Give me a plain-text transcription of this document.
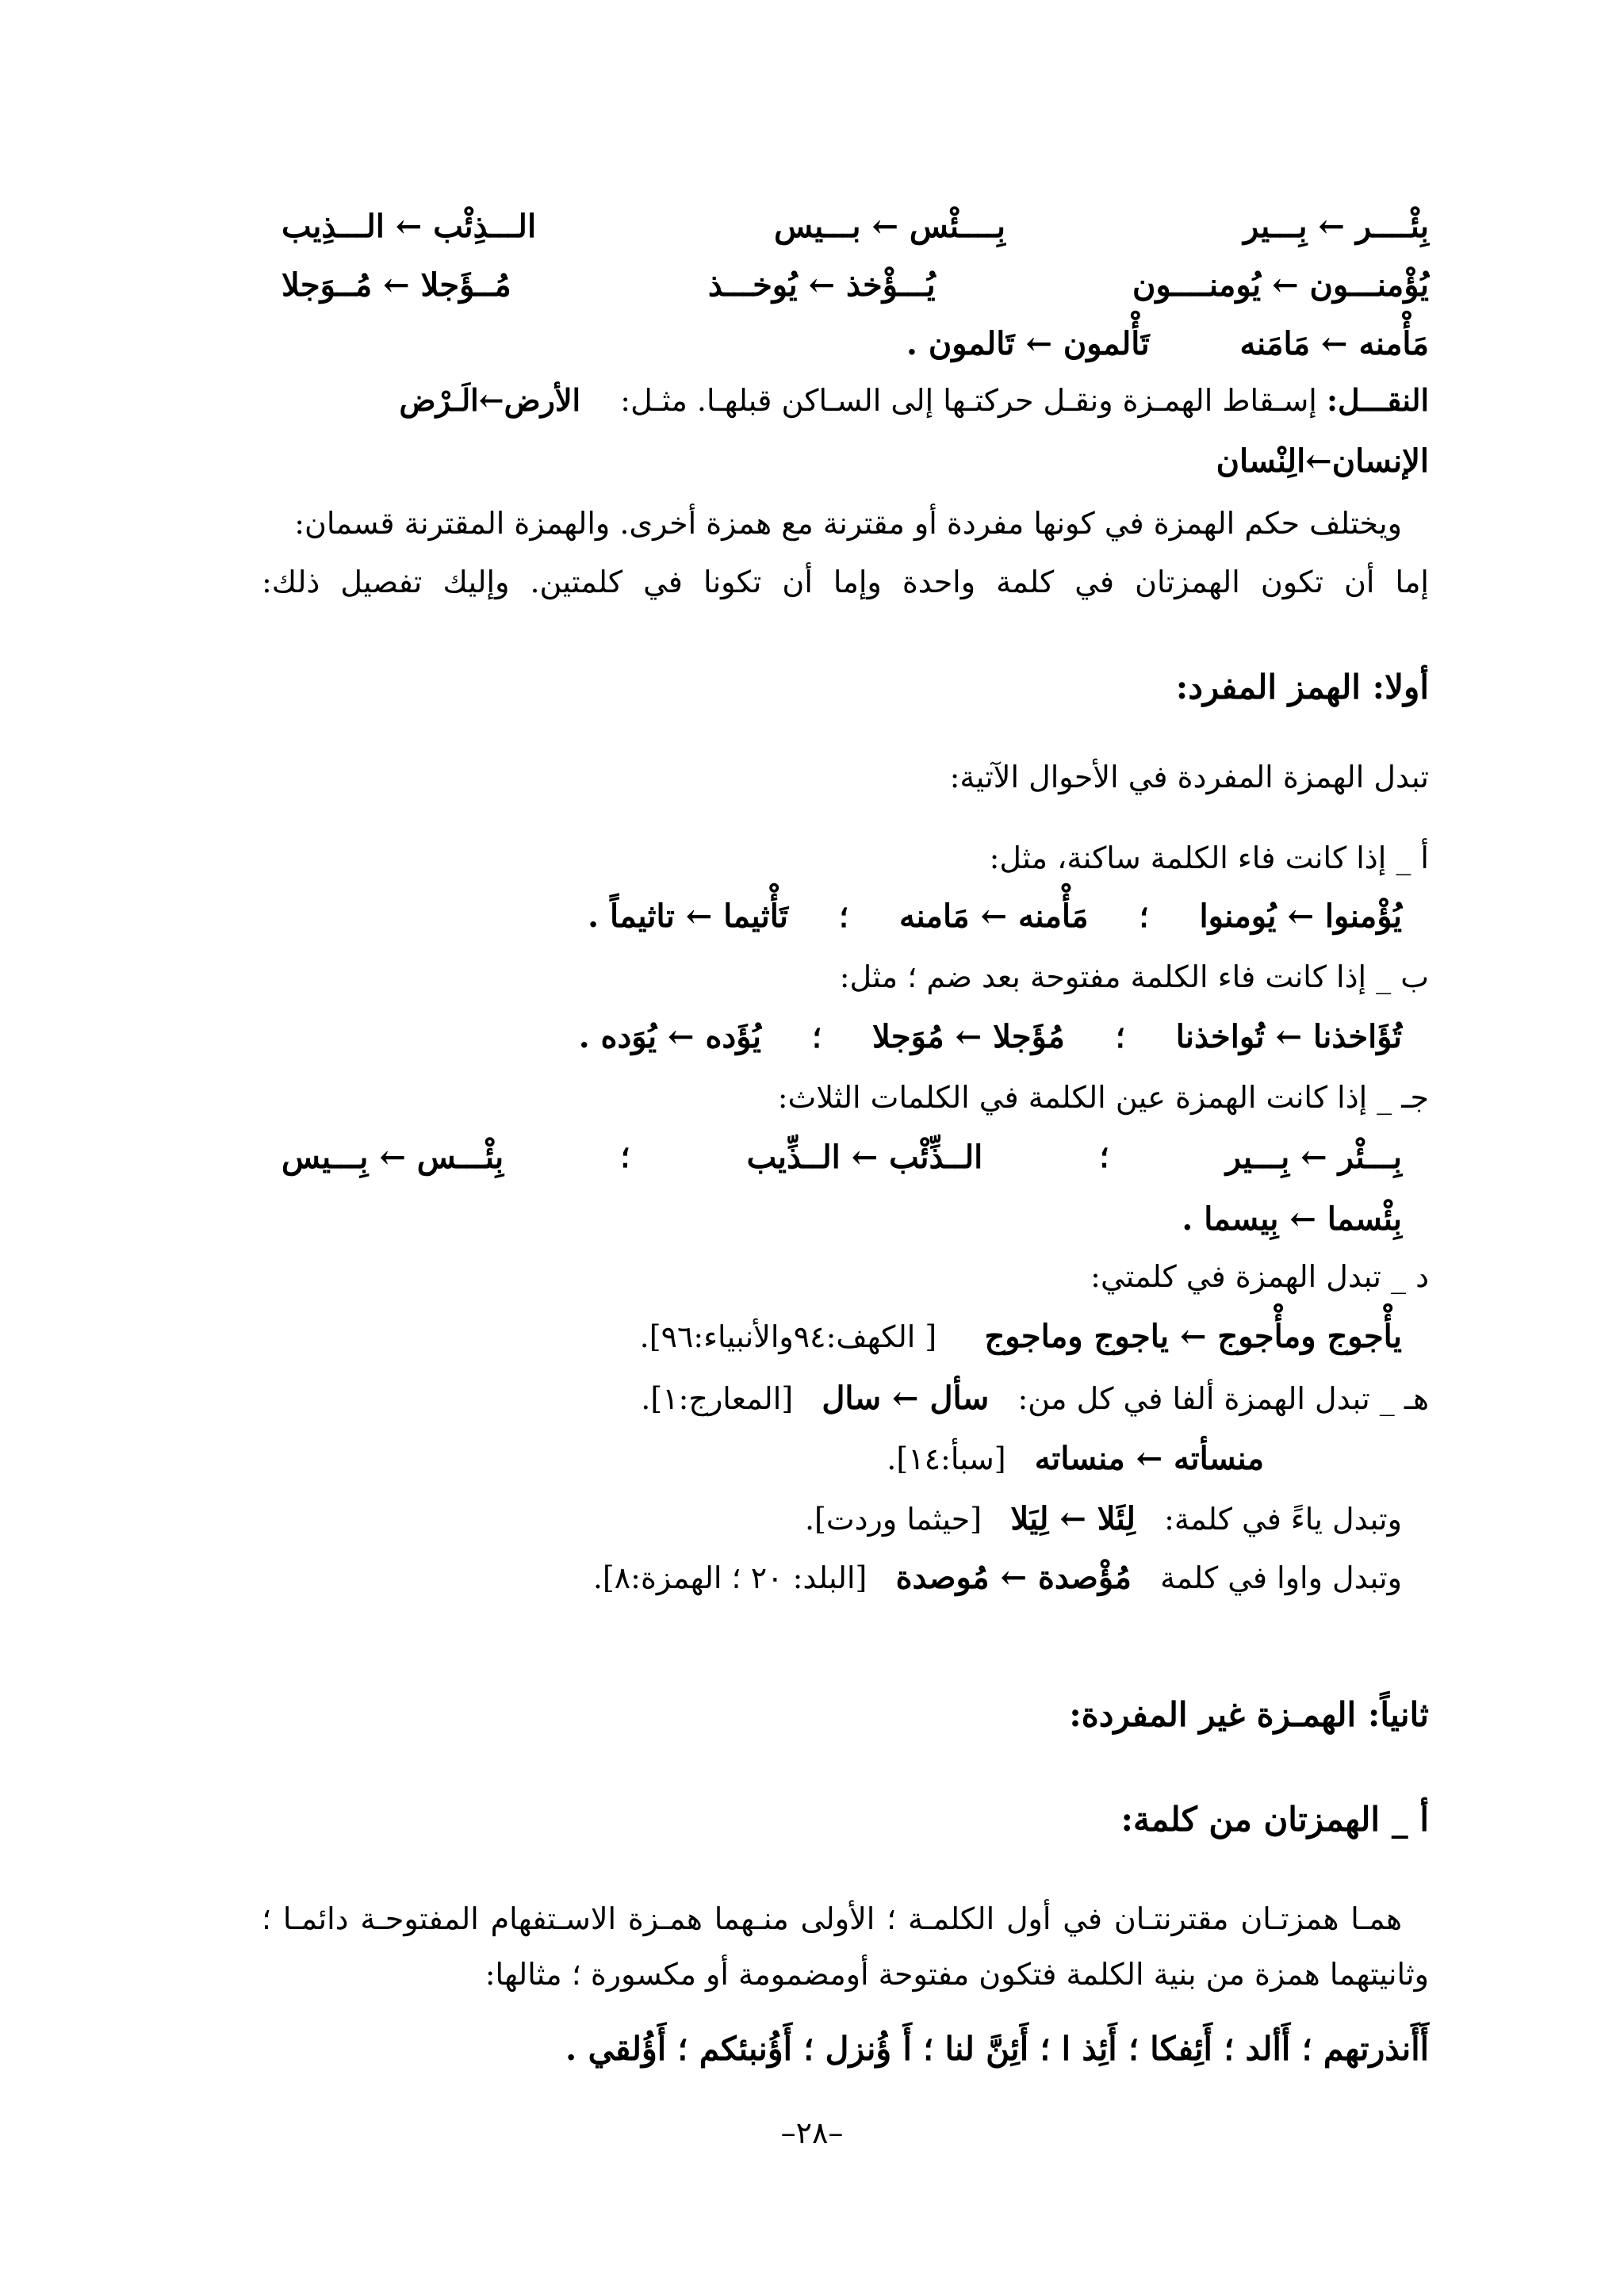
بِئْــــر ← بِـــير
بِــــئْس ← بـــيس
الـــذِئْب ← الـــذِيب
يُؤْمنـــون ← يُومنــــون
يُـــؤْخذ ← يُوخـــذ
مُــؤَجلا ← مُــوَجلا
مَأْمنه ← مَامَنه تَأْلمون ← تَالمون .
النقـــل: إسـقاط الهمـزة ونقـل حركتـها إلى السـاكن قبلهـا. مثـل:  الأرض←الَـرْض
الإنسان←الِنْسان
ويختلف حكم الهمزة في كونها مفردة أو مقترنة مع همزة أخرى. والهمزة المقترنة قسمان:
إما أن تكون الهمزتان في كلمة واحدة وإما أن تكونا في كلمتين. وإليك تفصيل ذلك:
أولا: الهمز المفرد:
تبدل الهمزة المفردة في الأحوال الآتية:
أ _ إذا كانت فاء الكلمة ساكنة، مثل:
يُؤْمنوا ← يُومنوا ؛ مَأْمنه ← مَامنه ؛ تَأْثيما ← تاثيماً .
ب _ إذا كانت فاء الكلمة مفتوحة بعد ضم ؛ مثل:
تُؤَاخذنا ← تُواخذنا ؛ مُؤَجلا ← مُوَجلا ؛ يُؤَده ← يُوَده .
جـ _ إذا كانت الهمزة عين الكلمة في الكلمات الثلاث:
بِـــئْر ← بِـــير
؛
الــذِّئْب ← الــذِّيب
؛
بِئْـــس ← بِـــيس
بِئْسما ← بِيسما .
د _ تبدل الهمزة في كلمتي:
يأْجوج ومأْجوج ← ياجوج وماجوج  [ الكهف:٩٤والأنبياء:٩٦].
هـ _ تبدل الهمزة ألفا في كل من:  سأل ← سال  [المعارج:١].
منسأته ← منساته  [سبأ:١٤].
وتبدل ياءً في كلمة:  لِئَلا ← لِيَلا  [حيثما وردت].
وتبدل واوا في كلمة  مُؤْصدة ← مُوصدة  [البلد: ٢٠ ؛ الهمزة:٨].
ثانياً: الهمـزة غير المفردة:
أ _ الهمزتان من كلمة:
همـا همزتـان مقترنتـان في أول الكلمـة ؛ الأولى منـهما همـزة الاسـتفهام المفتوحـة دائمـا ؛
وثانيتهما همزة من بنية الكلمة فتكون مفتوحة أومضمومة أو مكسورة ؛ مثالها:
أَأَنذرتهم ؛ أَألد ؛ أَئِفكا ؛ أَئِذ ا ؛ أَئِنَّ لنا ؛ أَ ؤُنزل ؛ أَؤُنبئكم ؛ أَؤُلقي .
–٢٨–
